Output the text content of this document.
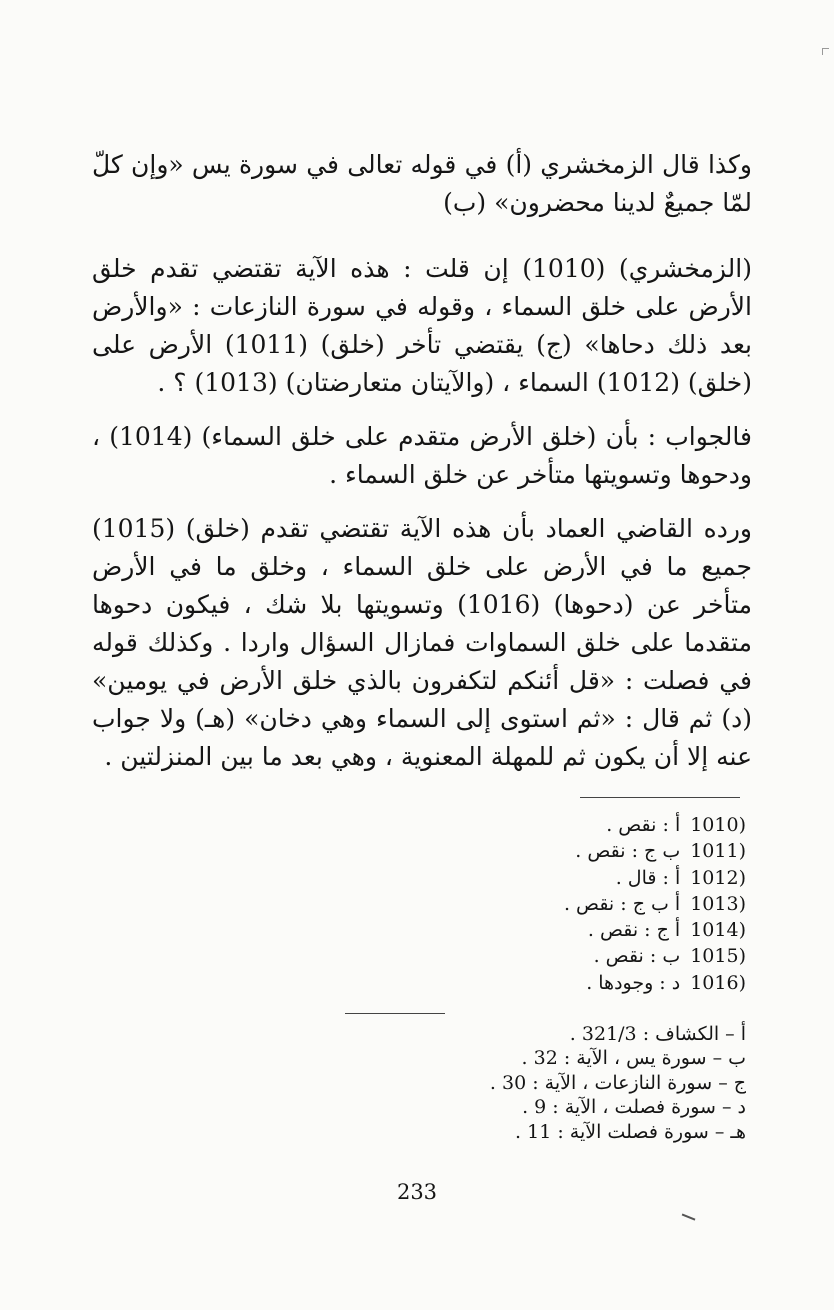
وكذا قال الزمخشري (أ) في قوله تعالى في سورة يس «وإن كلّ لمّا جميعٌ لدينا محضرون» (ب)

(الزمخشري) (1010) إن قلت : هذه الآية تقتضي تقدم خلق الأرض على خلق السماء ، وقوله في سورة النازعات : «والأرض بعد ذلك دحاها» (ج) يقتضي تأخر (خلق) (1011) الأرض على (خلق) (1012) السماء ، (والآيتان متعارضتان) (1013) ؟ .

فالجواب : بأن (خلق الأرض متقدم على خلق السماء) (1014) ، ودحوها وتسويتها متأخر عن خلق السماء .

ورده القاضي العماد بأن هذه الآية تقتضي تقدم (خلق) (1015) جميع ما في الأرض على خلق السماء ، وخلق ما في الأرض متأخر عن (دحوها) (1016) وتسويتها بلا شك ، فيكون دحوها متقدما على خلق السماوات فمازال السؤال واردا . وكذلك قوله في فصلت : «قل أئنكم لتكفرون بالذي خلق الأرض في يومين» (د) ثم قال : «ثم استوى إلى السماء وهي دخان» (هـ) ولا جواب عنه إلا أن يكون ثم للمهلة المعنوية ، وهي بعد ما بين المنزلتين .

(1010أ : نقص .
(1011ب ج : نقص .
(1012أ : قال .
(1013أ ب ج : نقص .
(1014أ ج : نقص .
(1015ب : نقص .
(1016د : وجودها .
أ – الكشاف : 321/3 .
ب – سورة يس ، الآية : 32 .
ج – سورة النازعات ، الآية : 30 .
د – سورة فصلت ، الآية : 9 .
هـ – سورة فصلت الآية : 11 .
233
